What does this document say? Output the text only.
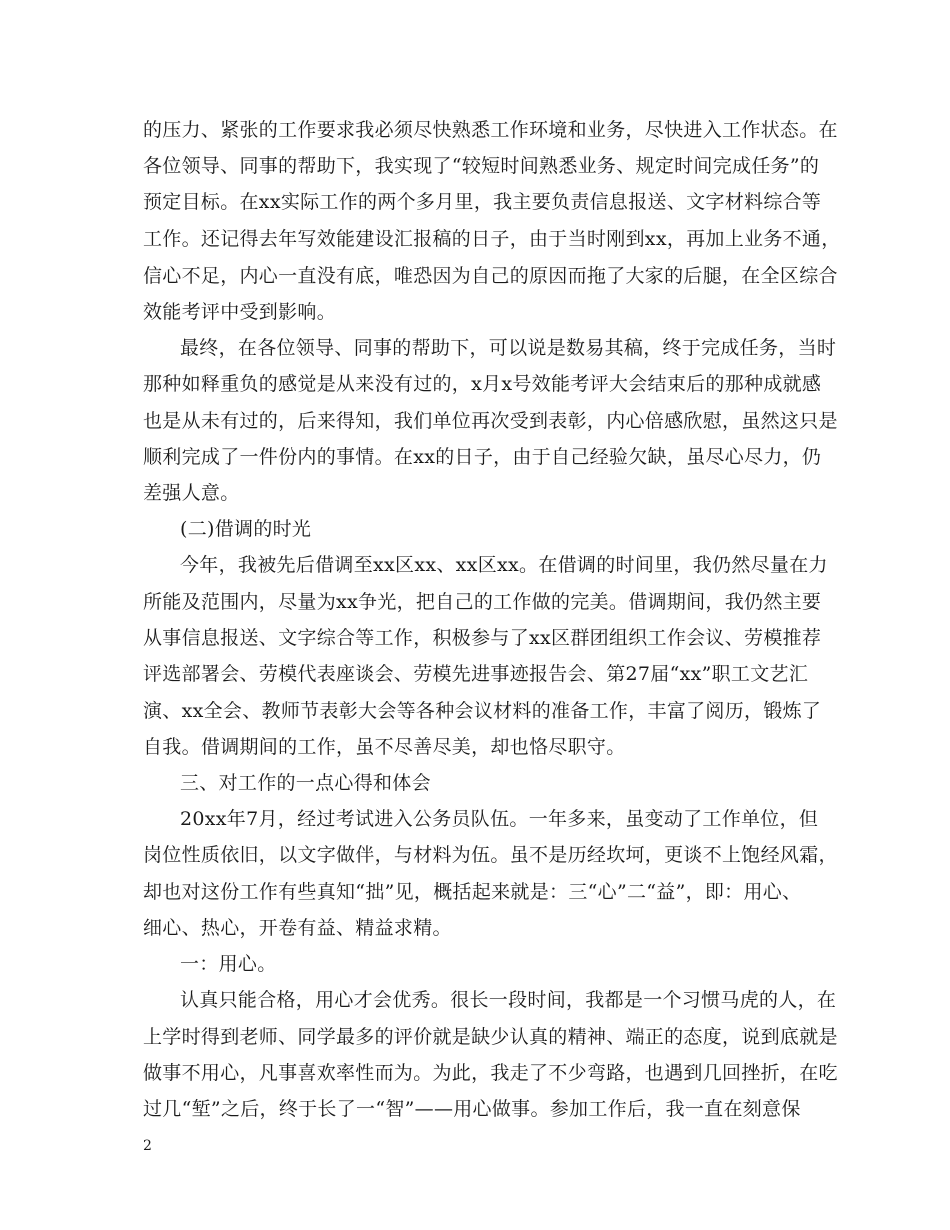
的压力、紧张的工作要求我必须尽快熟悉工作环境和业务，尽快进入工作状态。在
各位领导、同事的帮助下，我实现了“较短时间熟悉业务、规定时间完成任务”的
预定目标。在xx实际工作的两个多月里，我主要负责信息报送、文字材料综合等
工作。还记得去年写效能建设汇报稿的日子，由于当时刚到xx，再加上业务不通，
信心不足，内心一直没有底，唯恐因为自己的原因而拖了大家的后腿，在全区综合
效能考评中受到影响。
最终，在各位领导、同事的帮助下，可以说是数易其稿，终于完成任务，当时
那种如释重负的感觉是从来没有过的，x月x号效能考评大会结束后的那种成就感
也是从未有过的，后来得知，我们单位再次受到表彰，内心倍感欣慰，虽然这只是
顺利完成了一件份内的事情。在xx的日子，由于自己经验欠缺，虽尽心尽力，仍
差强人意。
(二)借调的时光
今年，我被先后借调至xx区xx、xx区xx。在借调的时间里，我仍然尽量在力
所能及范围内，尽量为xx争光，把自己的工作做的完美。借调期间，我仍然主要
从事信息报送、文字综合等工作，积极参与了xx区群团组织工作会议、劳模推荐
评选部署会、劳模代表座谈会、劳模先进事迹报告会、第27届“xx”职工文艺汇
演、xx全会、教师节表彰大会等各种会议材料的准备工作，丰富了阅历，锻炼了
自我。借调期间的工作，虽不尽善尽美，却也恪尽职守。
三、对工作的一点心得和体会
20xx年7月，经过考试进入公务员队伍。一年多来，虽变动了工作单位，但
岗位性质依旧，以文字做伴，与材料为伍。虽不是历经坎坷，更谈不上饱经风霜，
却也对这份工作有些真知“拙”见，概括起来就是：三“心”二“益”，即：用心、
细心、热心，开卷有益、精益求精。
一：用心。
认真只能合格，用心才会优秀。很长一段时间，我都是一个习惯马虎的人，在
上学时得到老师、同学最多的评价就是缺少认真的精神、端正的态度，说到底就是
做事不用心，凡事喜欢率性而为。为此，我走了不少弯路，也遇到几回挫折，在吃
过几“堑”之后，终于长了一“智”——用心做事。参加工作后，我一直在刻意保
2
